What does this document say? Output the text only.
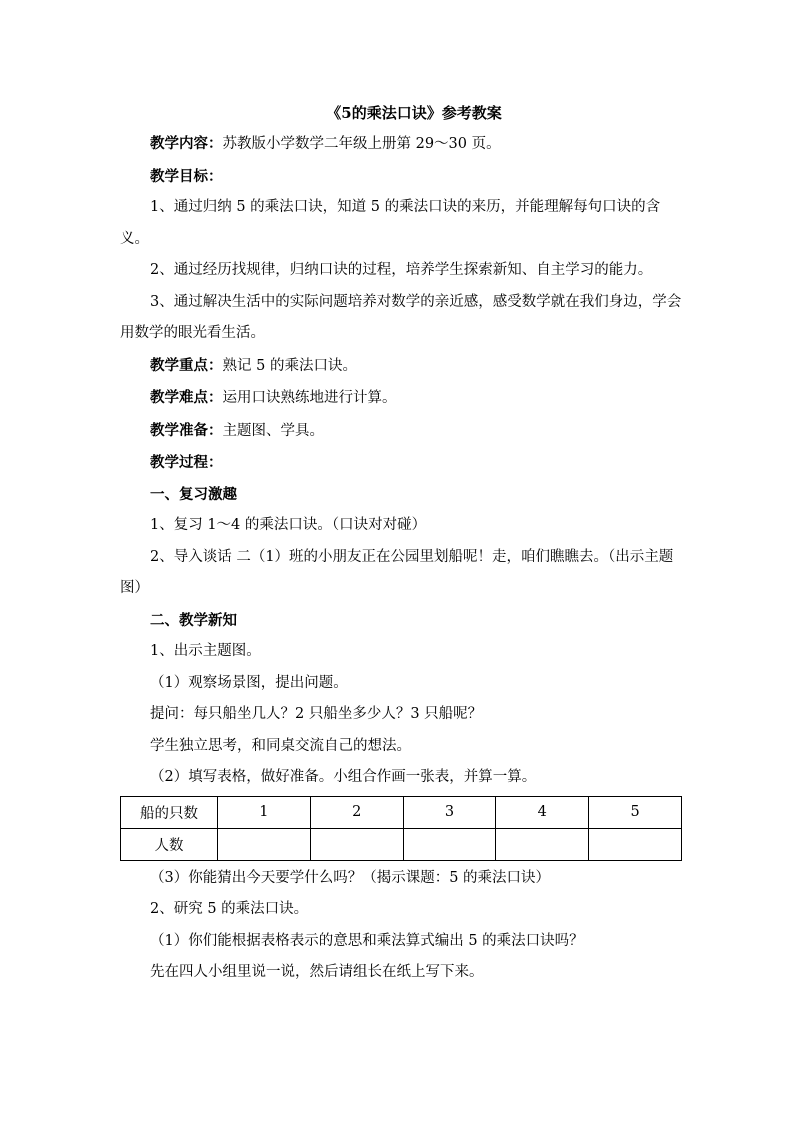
《5的乘法口诀》参考教案

教学内容：苏教版小学数学二年级上册第 29～30 页。

教学目标：

1、通过归纳 5 的乘法口诀，知道 5 的乘法口诀的来历，并能理解每句口诀的含义。

2、通过经历找规律，归纳口诀的过程，培养学生探索新知、自主学习的能力。

3、通过解决生活中的实际问题培养对数学的亲近感，感受数学就在我们身边，学会用数学的眼光看生活。

教学重点：熟记 5 的乘法口诀。

教学难点：运用口诀熟练地进行计算。

教学准备：主题图、学具。

教学过程：

一、复习激趣

1、复习 1～4 的乘法口诀。（口诀对对碰）

2、导入谈话 二（1）班的小朋友正在公园里划船呢！走，咱们瞧瞧去。（出示主题图）

二、教学新知

1、出示主题图。

（1）观察场景图，提出问题。

提问：每只船坐几人？2 只船坐多少人？3 只船呢？

学生独立思考，和同桌交流自己的想法。

（2）填写表格，做好准备。小组合作画一张表，并算一算。

船的只数	1	2	3	4	5
人数					

（3）你能猜出今天要学什么吗？（揭示课题：5 的乘法口诀）

2、研究 5 的乘法口诀。

（1）你们能根据表格表示的意思和乘法算式编出 5 的乘法口诀吗？

先在四人小组里说一说，然后请组长在纸上写下来。
